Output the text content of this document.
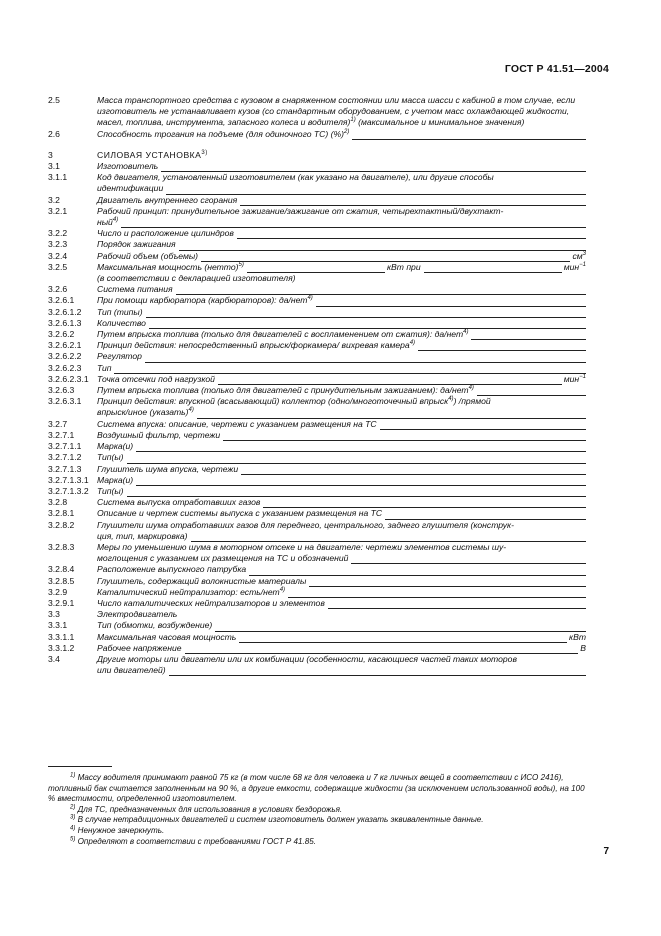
ГОСТ Р 41.51—2004
2.5	Масса транспортного средства с кузовом в снаряженном состоянии или масса шасси с кабиной в том случае, если изготовитель не устанавливает кузов (со стандартным оборудованием, с учетом масс охлаждающей жидкости, масел, топлива, инструмента, запасного колеса и водителя)$^{1)}$ (максимальное и минимальное значения)
2.6	Способность трогания на подъеме (для одиночного ТС) (%)$^{2)}$
3	СИЛОВАЯ УСТАНОВКА$^{3)}$
3.1	Изготовитель
3.1.1	Код двигателя, установленный изготовителем (как указано на двигателе), или другие способы
идентификации
3.2	Двигатель внутреннего сгорания
3.2.1	Рабочий принцип: принудительное зажигание/зажигание от сжатия, четырехтактный/двухтакт-
ный$^{4)}$
3.2.2	Число и расположение цилиндров
3.2.3	Порядок зажигания
3.2.4	Рабочий объем (объемы)	$см^3$
3.2.5	Максимальная мощность (нетто)$^{5)}$	кВт при	мин$^{-1}$
(в соответствии с декларацией изготовителя)
3.2.6	Система питания
3.2.6.1	При помощи карбюратора (карбюраторов): да/нет$^{4)}$
3.2.6.1.2	Тип (типы)
3.2.6.1.3	Количество
3.2.6.2	Путем впрыска топлива (только для двигателей с воспламенением от сжатия): да/нет$^{4)}$
3.2.6.2.1	Принцип действия: непосредственный впрыск/форкамера/ вихревая камера$^{4)}$
3.2.6.2.2	Регулятор
3.2.6.2.3	Тип
3.2.6.2.3.1 Точка отсечки под нагрузкой	мин$^{-1}$
3.2.6.3	Путем впрыска топлива (только для двигателей с принудительным зажиганием): да/нет$^{4)}$
3.2.6.3.1	Принцип действия: впускной (всасывающий) коллектор (одно/многоточечный впрыск$^{4)}$) /прямой
впрыск/иное (указать)$^{4)}$
3.2.7	Система впуска: описание, чертежи с указанием размещения на ТС
3.2.7.1	Воздушный фильтр, чертежи
3.2.7.1.1	Марка(и)
3.2.7.1.2	Тип(ы)
3.2.7.1.3	Глушитель шума впуска, чертежи
3.2.7.1.3.1 Марка(и)
3.2.7.1.3.2 Тип(ы)
3.2.8	Система выпуска отработавших газов
3.2.8.1	Описание и чертеж системы выпуска с указанием размещения на ТС
3.2.8.2	Глушители шума отработавших газов для переднего, центрального, заднего глушителя (конструк-
ция, тип, маркировка)
3.2.8.3	Меры по уменьшению шума в моторном отсеке и на двигателе: чертежи элементов системы шу-
моглощения с указанием их размещения на ТС и обозначений
3.2.8.4	Расположение выпускного патрубка
3.2.8.5	Глушитель, содержащий волокнистые материалы
3.2.9	Каталитический нейтрализатор: есть/нет$^{4)}$
3.2.9.1	Число каталитических нейтрализаторов и элементов
3.3	Электродвигатель
3.3.1	Тип (обмотки, возбуждение)
3.3.1.1	Максимальная часовая мощность	кВт
3.3.1.2	Рабочее напряжение	В
3.4	Другие моторы или двигатели или их комбинации (особенности, касающиеся частей таких моторов
или двигателей)

$^{1)}$ Массу водителя принимают равной 75 кг (в том числе 68 кг для человека и 7 кг личных вещей в соответствии с ИСО 2416), топливный бак считается заполненным на 90 %, а другие емкости, содержащие жидкости (за исключением использованной воды), на 100 % вместимости, определенной изготовителем.

$^{2)}$ Для ТС, предназначенных для использования в условиях бездорожья.

$^{3)}$ В случае нетрадиционных двигателей и систем изготовитель должен указать эквивалентные данные.

$^{4)}$ Ненужное зачеркнуть.

$^{5)}$ Определяют в соответствии с требованиями ГОСТ Р 41.85.

7
